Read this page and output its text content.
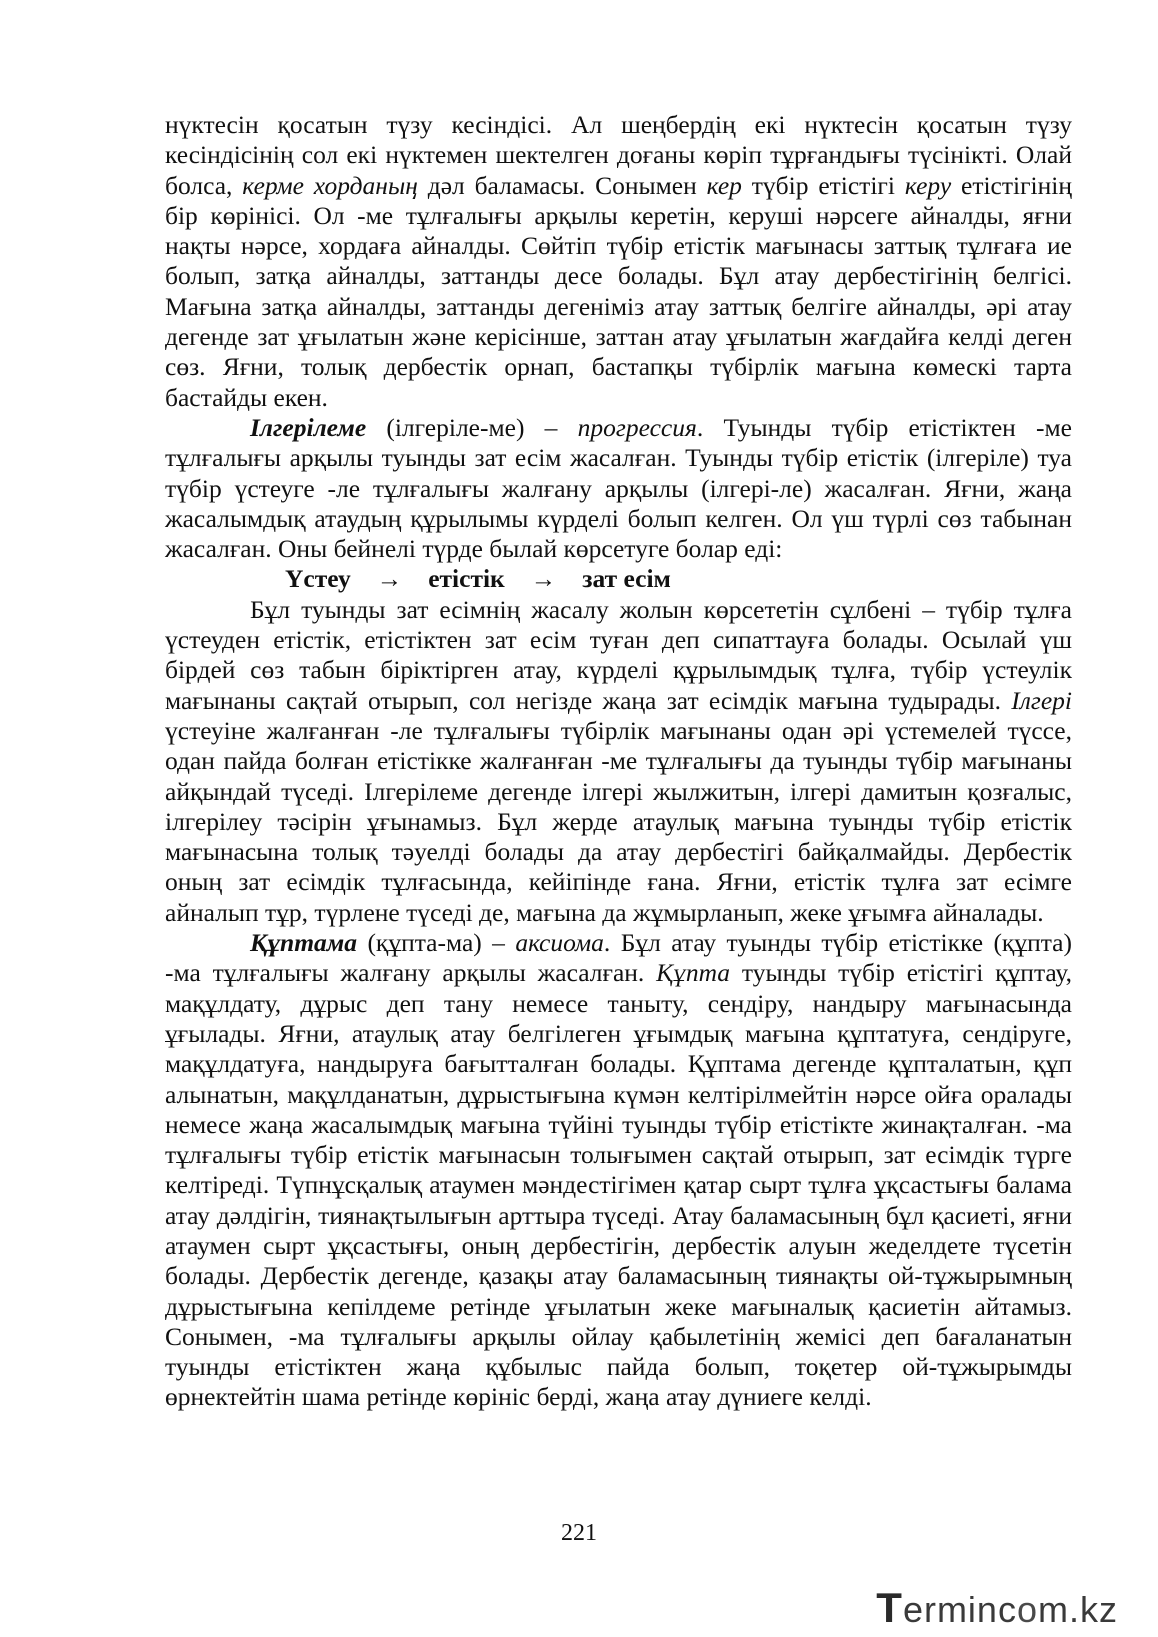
нүктесін қосатын түзу кесіндісі. Ал шеңбердің екі нүктесін қосатын түзу кесіндісінің сол екі нүктемен шектелген доғаны көріп тұрғандығы түсінікті. Олай болса, керме хорданың дәл баламасы. Сонымен кер түбір етістігі керу етістігінің бір көрінісі. Ол -ме тұлғалығы арқылы керетін, керуші нәрсеге айналды, яғни нақты нәрсе, хордаға айналды. Сөйтіп түбір етістік мағынасы заттық тұлғаға ие болып, затқа айналды, заттанды десе болады. Бұл атау дербестігінің белгісі. Мағына затқа айналды, заттанды дегеніміз атау заттық белгіге айналды, әрі атау дегенде зат ұғылатын және керісінше, заттан атау ұғылатын жағдайға келді деген сөз. Яғни, толық дербестік орнап, бастапқы түбірлік мағына көмескі тарта бастайды екен.

Ілгерілеме (ілгеріле-ме) – прогрессия. Туынды түбір етістіктен -ме тұлғалығы арқылы туынды зат есім жасалған. Туынды түбір етістік (ілгеріле) туа түбір үстеуге -ле тұлғалығы жалғану арқылы (ілгері-ле) жасалған. Яғни, жаңа жасалымдық атаудың құрылымы күрделі болып келген. Ол үш түрлі сөз табынан жасалған. Оны бейнелі түрде былай көрсетуге болар еді:

Үстеу → етістік → зат есім

Бұл туынды зат есімнің жасалу жолын көрсететін сұлбені – түбір тұлға үстеуден етістік, етістіктен зат есім туған деп сипаттауға болады. Осылай үш бірдей сөз табын біріктірген атау, күрделі құрылымдық тұлға, түбір үстеулік мағынаны сақтай отырып, сол негізде жаңа зат есімдік мағына тудырады. Ілгері үстеуіне жалғанған -ле тұлғалығы түбірлік мағынаны одан әрі үстемелей түссе, одан пайда болған етістікке жалғанған -ме тұлғалығы да туынды түбір мағынаны айқындай түседі. Ілгерілеме дегенде ілгері жылжитын, ілгері дамитын қозғалыс, ілгерілеу тәсірін ұғынамыз. Бұл жерде атаулық мағына туынды түбір етістік мағынасына толық тәуелді болады да атау дербестігі байқалмайды. Дербестік оның зат есімдік тұлғасында, кейіпінде ғана. Яғни, етістік тұлға зат есімге айналып тұр, түрлене түседі де, мағына да жұмырланып, жеке ұғымға айналады.

Құптама (құпта-ма) – аксиома. Бұл атау туынды түбір етістікке (құпта) -ма тұлғалығы жалғану арқылы жасалған. Құпта туынды түбір етістігі құптау, мақұлдату, дұрыс деп тану немесе таныту, сендіру, нандыру мағынасында ұғылады. Яғни, атаулық атау белгілеген ұғымдық мағына құптатуға, сендіруге, мақұлдатуға, нандыруға бағытталған болады. Құптама дегенде құпталатын, құп алынатын, мақұлданатын, дұрыстығына күмән келтірілмейтін нәрсе ойға оралады немесе жаңа жасалымдық мағына түйіні туынды түбір етістікте жинақталған. -ма тұлғалығы түбір етістік мағынасын толығымен сақтай отырып, зат есімдік түрге келтіреді. Түпнұсқалық атаумен мәндестігімен қатар сырт тұлға ұқсастығы балама атау дәлдігін, тиянақтылығын арттыра түседі. Атау баламасының бұл қасиеті, яғни атаумен сырт ұқсастығы, оның дербестігін, дербестік алуын жеделдете түсетін болады. Дербестік дегенде, қазақы атау баламасының тиянақты ой-тұжырымның дұрыстығына кепілдеме ретінде ұғылатын жеке мағыналық қасиетін айтамыз. Сонымен, -ма тұлғалығы арқылы ойлау қабылетінің жемісі деп бағаланатын туынды етістіктен жаңа құбылыс пайда болып, тоқетер ой-тұжырымды өрнектейтін шама ретінде көрініс берді, жаңа атау дүниеге келді.

221
Termincom.kz
